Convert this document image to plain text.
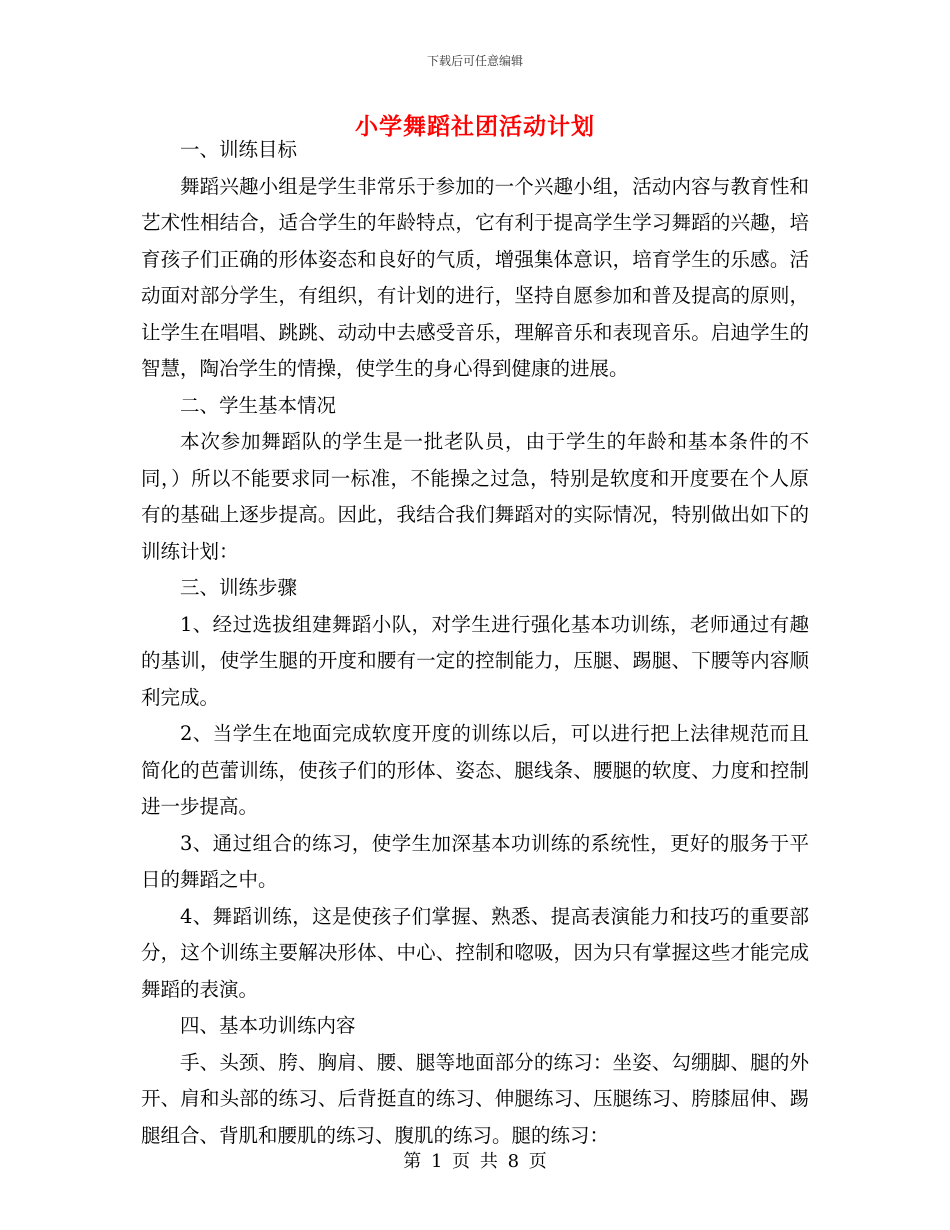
下载后可任意编辑
小学舞蹈社团活动计划

一、训练目标

舞蹈兴趣小组是学生非常乐于参加的一个兴趣小组，活动内容与教育性和艺术性相结合，适合学生的年龄特点，它有利于提高学生学习舞蹈的兴趣，培育孩子们正确的形体姿态和良好的气质，增强集体意识，培育学生的乐感。活动面对部分学生，有组织，有计划的进行，坚持自愿参加和普及提高的原则，让学生在唱唱、跳跳、动动中去感受音乐，理解音乐和表现音乐。启迪学生的智慧，陶冶学生的情操，使学生的身心得到健康的进展。

二、学生基本情况

本次参加舞蹈队的学生是一批老队员，由于学生的年龄和基本条件的不同，）所以不能要求同一标准，不能操之过急，特别是软度和开度要在个人原有的基础上逐步提高。因此，我结合我们舞蹈对的实际情况，特别做出如下的训练计划：

三、训练步骤

1、经过选拔组建舞蹈小队，对学生进行强化基本功训练，老师通过有趣的基训，使学生腿的开度和腰有一定的控制能力，压腿、踢腿、下腰等内容顺利完成。

2、当学生在地面完成软度开度的训练以后，可以进行把上法律规范而且简化的芭蕾训练，使孩子们的形体、姿态、腿线条、腰腿的软度、力度和控制进一步提高。

3、通过组合的练习，使学生加深基本功训练的系统性，更好的服务于平日的舞蹈之中。

4、舞蹈训练，这是使孩子们掌握、熟悉、提高表演能力和技巧的重要部分，这个训练主要解决形体、中心、控制和唿吸，因为只有掌握这些才能完成舞蹈的表演。

四、基本功训练内容

手、头颈、胯、胸肩、腰、腿等地面部分的练习：坐姿、勾绷脚、腿的外开、肩和头部的练习、后背挺直的练习、伸腿练习、压腿练习、胯膝屈伸、踢腿组合、背肌和腰肌的练习、腹肌的练习。腿的练习：

第 1 页 共 8 页
